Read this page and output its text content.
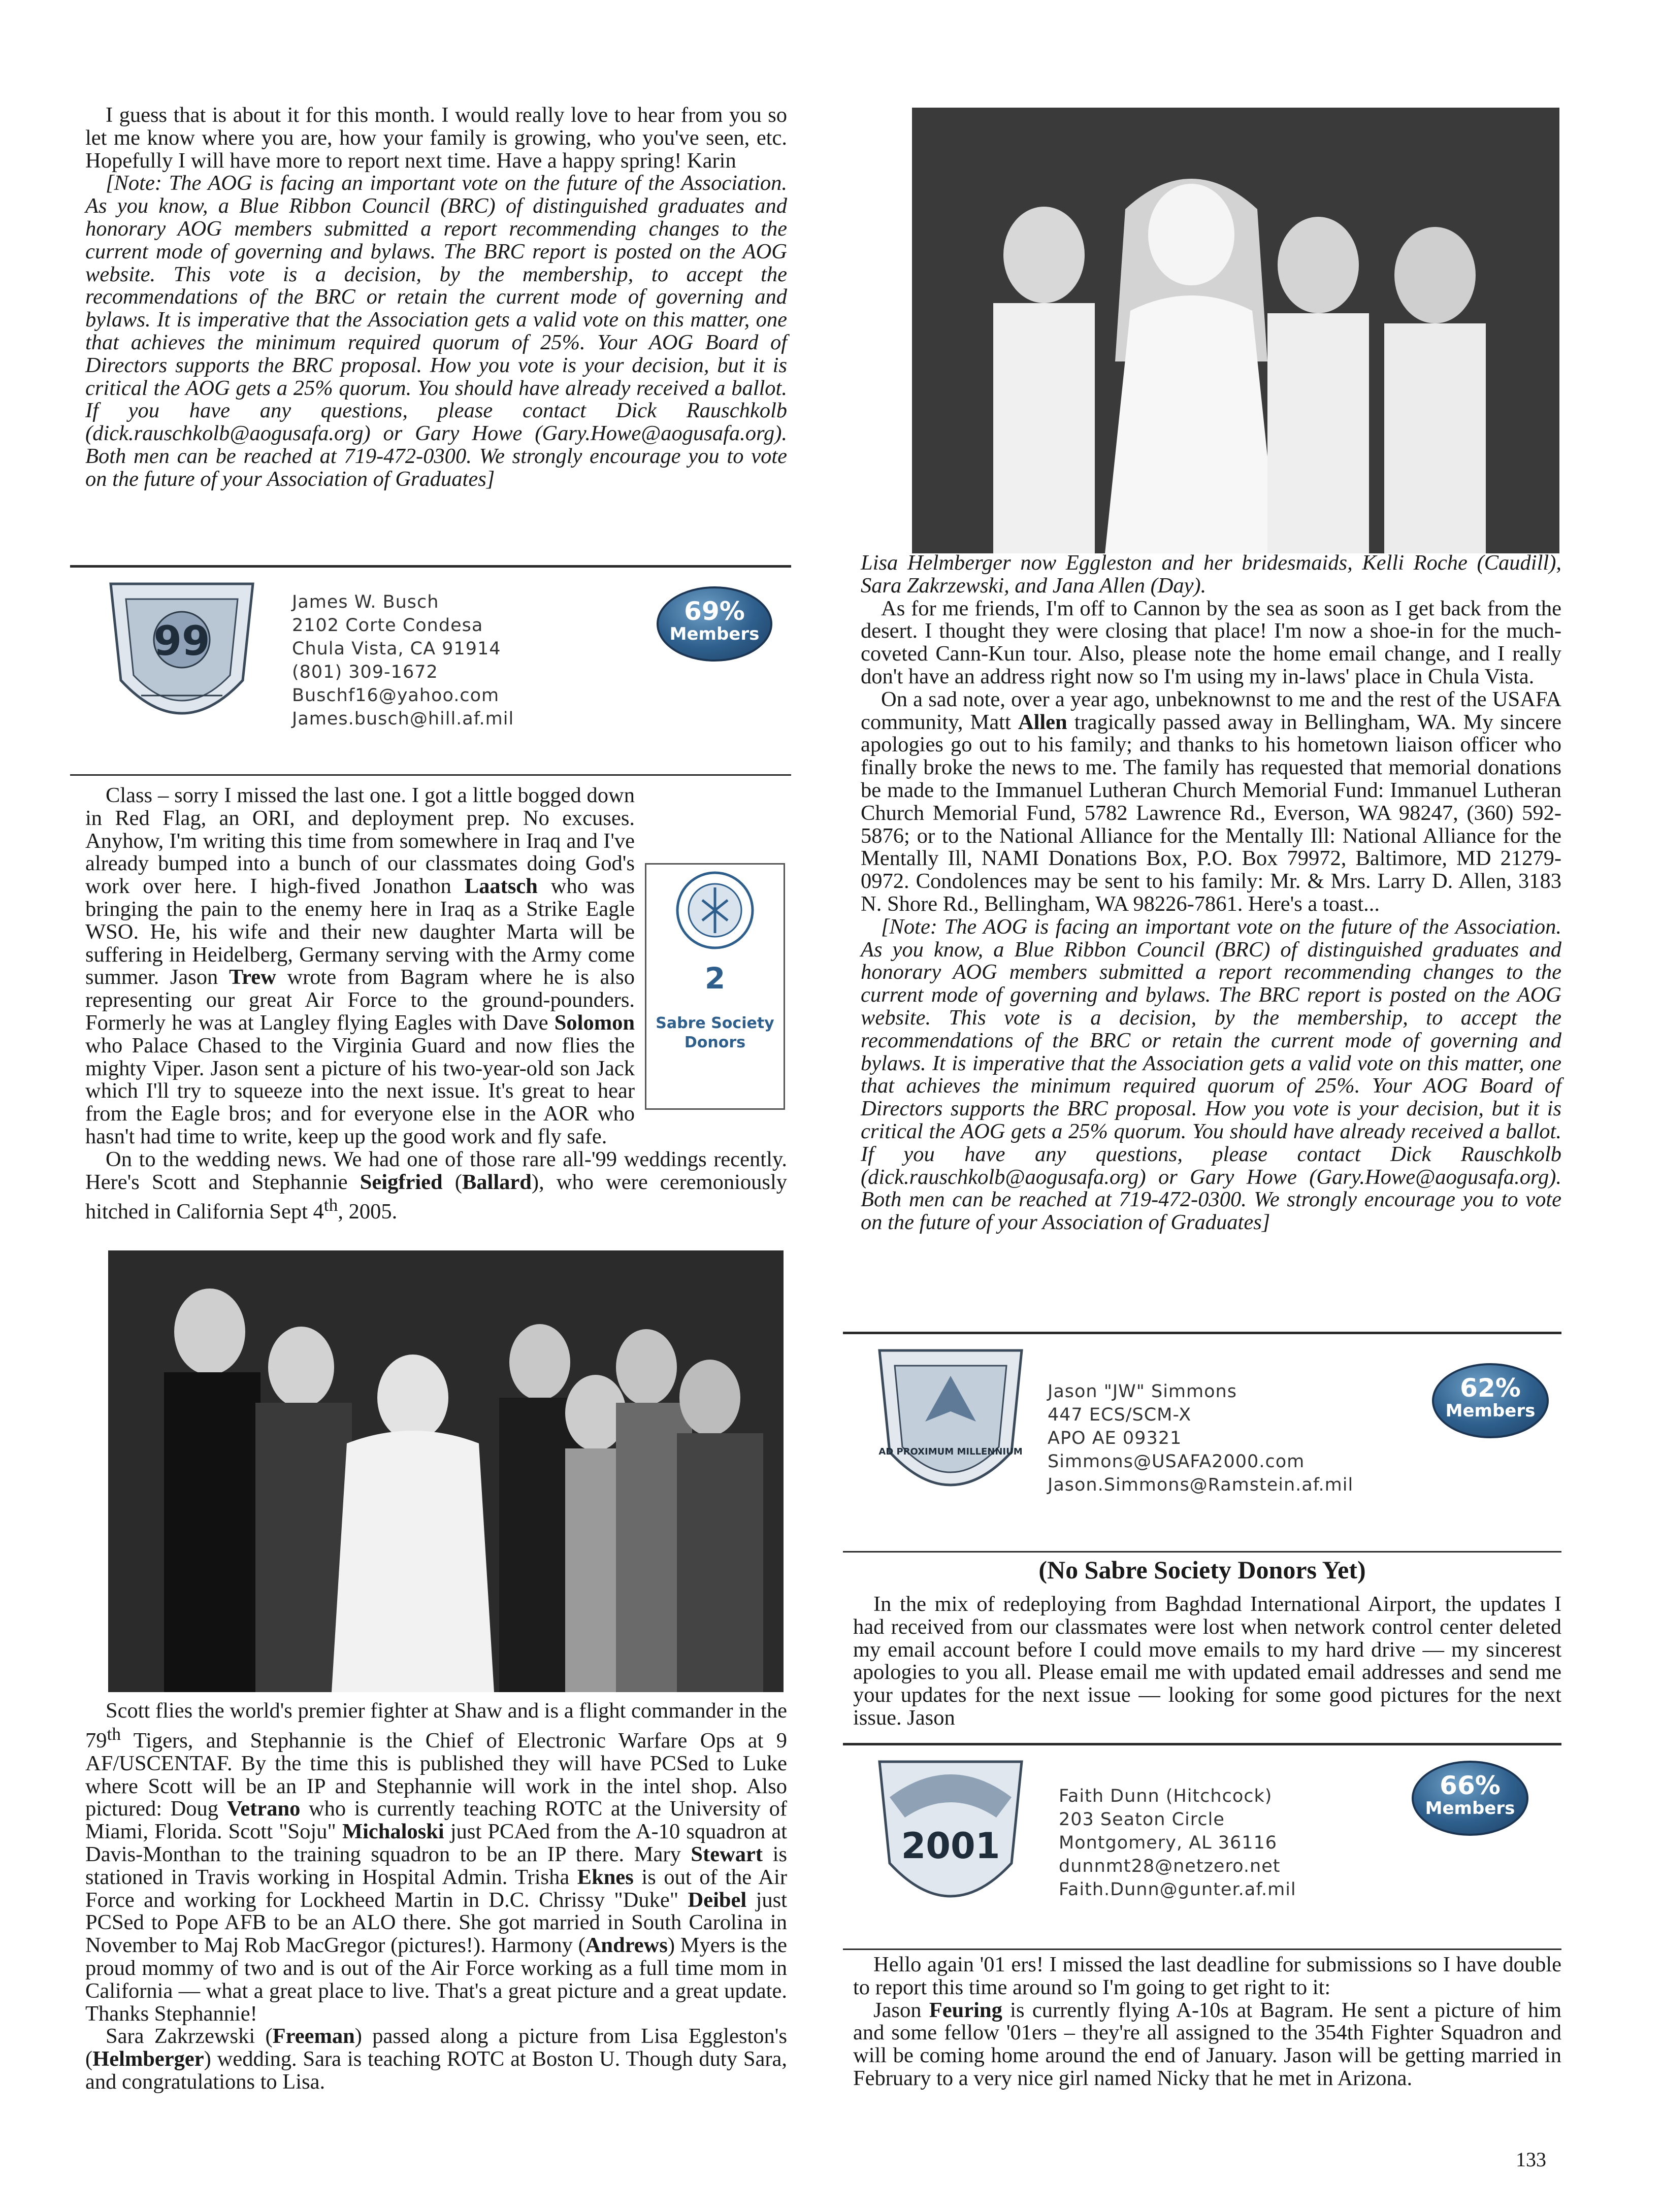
I guess that is about it for this month. I would really love to hear from you so let me know where you are, how your family is growing, who you've seen, etc. Hopefully I will have more to report next time. Have a happy spring! Karin

[Note: The AOG is facing an important vote on the future of the Association. As you know, a Blue Ribbon Council (BRC) of distinguished graduates and honorary AOG members submitted a report recommending changes to the current mode of governing and bylaws. The BRC report is posted on the AOG website. This vote is a decision, by the membership, to accept the recommendations of the BRC or retain the current mode of governing and bylaws. It is imperative that the Association gets a valid vote on this matter, one that achieves the minimum required quorum of 25%. Your AOG Board of Directors supports the BRC proposal. How you vote is your decision, but it is critical the AOG gets a 25% quorum. You should have already received a ballot. If you have any questions, please contact Dick Rauschkolb (dick.rauschkolb@aogusafa.org) or Gary Howe (Gary.Howe@aogusafa.org). Both men can be reached at 719-472-0300. We strongly encourage you to vote on the future of your Association of Graduates]

99
James W. Busch
2102 Corte Condesa
Chula Vista, CA 91914
(801) 309-1672
Buschf16@yahoo.com
James.busch@hill.af.mil
69%
Members
2
Sabre Society
Donors

Class – sorry I missed the last one. I got a little bogged down in Red Flag, an ORI, and deployment prep. No excuses. Anyhow, I'm writing this time from somewhere in Iraq and I've already bumped into a bunch of our classmates doing God's work over here. I high-fived Jonathon Laatsch who was bringing the pain to the enemy here in Iraq as a Strike Eagle WSO. He, his wife and their new daughter Marta will be suffering in Heidelberg, Germany serving with the Army come summer. Jason Trew wrote from Bagram where he is also representing our great Air Force to the ground-pounders. Formerly he was at Langley flying Eagles with Dave Solomon who Palace Chased to the Virginia Guard and now flies the mighty Viper. Jason sent a picture of his two-year-old son Jack which I'll try to squeeze into the next issue. It's great to hear from the Eagle bros; and for everyone else in the AOR who hasn't had time to write, keep up the good work and fly safe.

On to the wedding news. We had one of those rare all-'99 weddings recently. Here's Scott and Stephannie Seigfried (Ballard), who were ceremoniously hitched in California Sept 4th, 2005.

Scott flies the world's premier fighter at Shaw and is a flight commander in the 79th Tigers, and Stephannie is the Chief of Electronic Warfare Ops at 9 AF/USCENTAF. By the time this is published they will have PCSed to Luke where Scott will be an IP and Stephannie will work in the intel shop. Also pictured: Doug Vetrano who is currently teaching ROTC at the University of Miami, Florida. Scott "Soju" Michaloski just PCAed from the A-10 squadron at Davis-Monthan to the training squadron to be an IP there. Mary Stewart is stationed in Travis working in Hospital Admin. Trisha Eknes is out of the Air Force and working for Lockheed Martin in D.C. Chrissy "Duke" Deibel just PCSed to Pope AFB to be an ALO there. She got married in South Carolina in November to Maj Rob MacGregor (pictures!). Harmony (Andrews) Myers is the proud mommy of two and is out of the Air Force working as a full time mom in California — what a great place to live. That's a great picture and a great update. Thanks Stephannie!

Sara Zakrzewski (Freeman) passed along a picture from Lisa Eggleston's (Helmberger) wedding. Sara is teaching ROTC at Boston U. Though duty Sara, and congratulations to Lisa.

Lisa Helmberger now Eggleston and her bridesmaids, Kelli Roche (Caudill), Sara Zakrzewski, and Jana Allen (Day).

As for me friends, I'm off to Cannon by the sea as soon as I get back from the desert. I thought they were closing that place! I'm now a shoe-in for the much-coveted Cann-Kun tour. Also, please note the home email change, and I really don't have an address right now so I'm using my in-laws' place in Chula Vista.

On a sad note, over a year ago, unbeknownst to me and the rest of the USAFA community, Matt Allen tragically passed away in Bellingham, WA. My sincere apologies go out to his family; and thanks to his hometown liaison officer who finally broke the news to me. The family has requested that memorial donations be made to the Immanuel Lutheran Church Memorial Fund: Immanuel Lutheran Church Memorial Fund, 5782 Lawrence Rd., Everson, WA 98247, (360) 592-5876; or to the National Alliance for the Mentally Ill: National Alliance for the Mentally Ill, NAMI Donations Box, P.O. Box 79972, Baltimore, MD 21279-0972. Condolences may be sent to his family: Mr. & Mrs. Larry D. Allen, 3183 N. Shore Rd., Bellingham, WA 98226-7861. Here's a toast...

[Note: The AOG is facing an important vote on the future of the Association. As you know, a Blue Ribbon Council (BRC) of distinguished graduates and honorary AOG members submitted a report recommending changes to the current mode of governing and bylaws. The BRC report is posted on the AOG website. This vote is a decision, by the membership, to accept the recommendations of the BRC or retain the current mode of governing and bylaws. It is imperative that the Association gets a valid vote on this matter, one that achieves the minimum required quorum of 25%. Your AOG Board of Directors supports the BRC proposal. How you vote is your decision, but it is critical the AOG gets a 25% quorum. You should have already received a ballot. If you have any questions, please contact Dick Rauschkolb (dick.rauschkolb@aogusafa.org) or Gary Howe (Gary.Howe@aogusafa.org). Both men can be reached at 719-472-0300. We strongly encourage you to vote on the future of your Association of Graduates]

AD PROXIMUM MILLENNIUM
Jason "JW" Simmons
447 ECS/SCM-X
APO AE 09321
Simmons@USAFA2000.com
Jason.Simmons@Ramstein.af.mil
62%
Members
(No Sabre Society Donors Yet)

In the mix of redeploying from Baghdad International Airport, the updates I had received from our classmates were lost when network control center deleted my email account before I could move emails to my hard drive — my sincerest apologies to you all. Please email me with updated email addresses and send me your updates for the next issue — looking for some good pictures for the next issue. Jason

2001
Faith Dunn (Hitchcock)
203 Seaton Circle
Montgomery, AL 36116
dunnmt28@netzero.net
Faith.Dunn@gunter.af.mil
66%
Members

Hello again '01 ers! I missed the last deadline for submissions so I have double to report this time around so I'm going to get right to it:

Jason Feuring is currently flying A-10s at Bagram. He sent a picture of him and some fellow '01ers – they're all assigned to the 354th Fighter Squadron and will be coming home around the end of January. Jason will be getting married in February to a very nice girl named Nicky that he met in Arizona.

133
